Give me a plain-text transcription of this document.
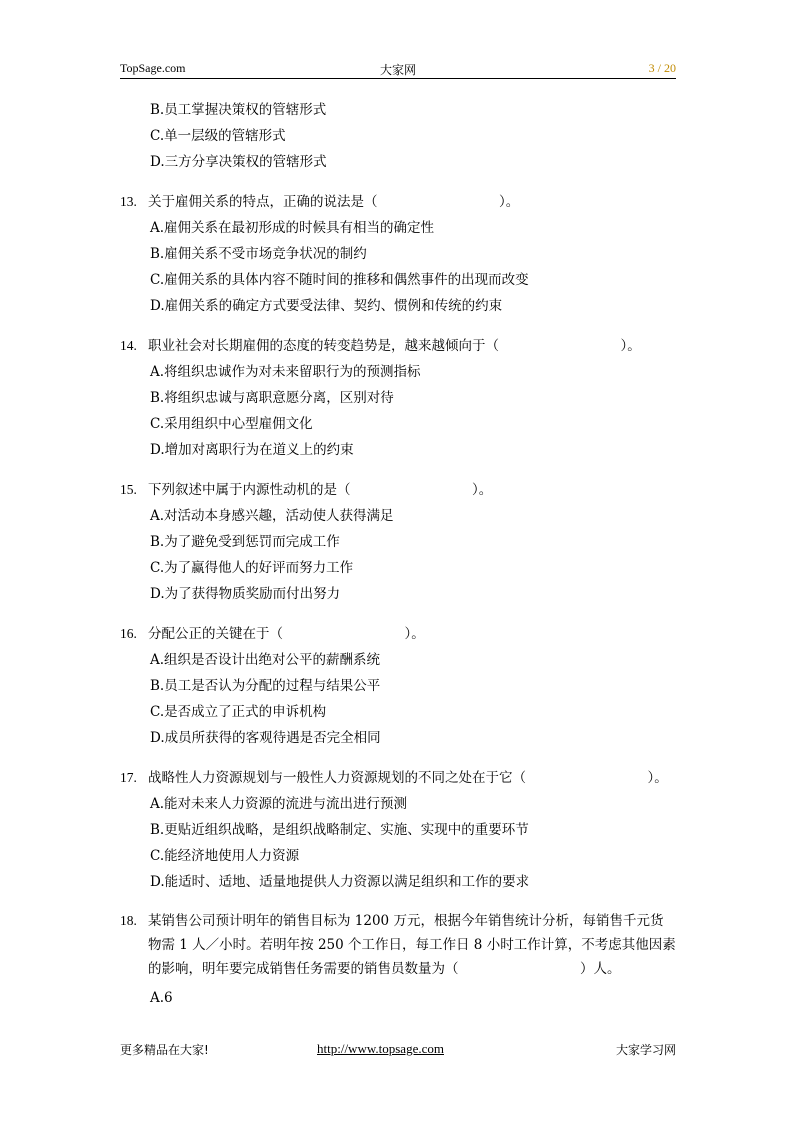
TopSage.com	大家网	3 / 20
B.员工掌握决策权的管辖形式
C.单一层级的管辖形式
D.三方分享决策权的管辖形式
13. 关于雇佣关系的特点，正确的说法是（　　　　　　　　　）。
A.雇佣关系在最初形成的时候具有相当的确定性
B.雇佣关系不受市场竞争状况的制约
C.雇佣关系的具体内容不随时间的推移和偶然事件的出现而改变
D.雇佣关系的确定方式要受法律、契约、惯例和传统的约束
14. 职业社会对长期雇佣的态度的转变趋势是，越来越倾向于（　　　　　　　　　）。
A.将组织忠诚作为对未来留职行为的预测指标
B.将组织忠诚与离职意愿分离，区别对待
C.采用组织中心型雇佣文化
D.增加对离职行为在道义上的约束
15. 下列叙述中属于内源性动机的是（　　　　　　　　　）。
A.对活动本身感兴趣，活动使人获得满足
B.为了避免受到惩罚而完成工作
C.为了赢得他人的好评而努力工作
D.为了获得物质奖励而付出努力
16. 分配公正的关键在于（　　　　　　　　　）。
A.组织是否设计出绝对公平的薪酬系统
B.员工是否认为分配的过程与结果公平
C.是否成立了正式的申诉机构
D.成员所获得的客观待遇是否完全相同
17. 战略性人力资源规划与一般性人力资源规划的不同之处在于它（　　　　　　　　　）。
A.能对未来人力资源的流进与流出进行预测
B.更贴近组织战略，是组织战略制定、实施、实现中的重要环节
C.能经济地使用人力资源
D.能适时、适地、适量地提供人力资源以满足组织和工作的要求
18. 某销售公司预计明年的销售目标为 1200 万元，根据今年销售统计分析，每销售千元货物需 1 人／小时。若明年按 250 个工作日，每工作日 8 小时工作计算，不考虑其他因素的影响，明年要完成销售任务需要的销售员数量为（　　　　　　　　　）人。
A.6
更多精品在大家!	http://www.topsage.com	大家学习网
